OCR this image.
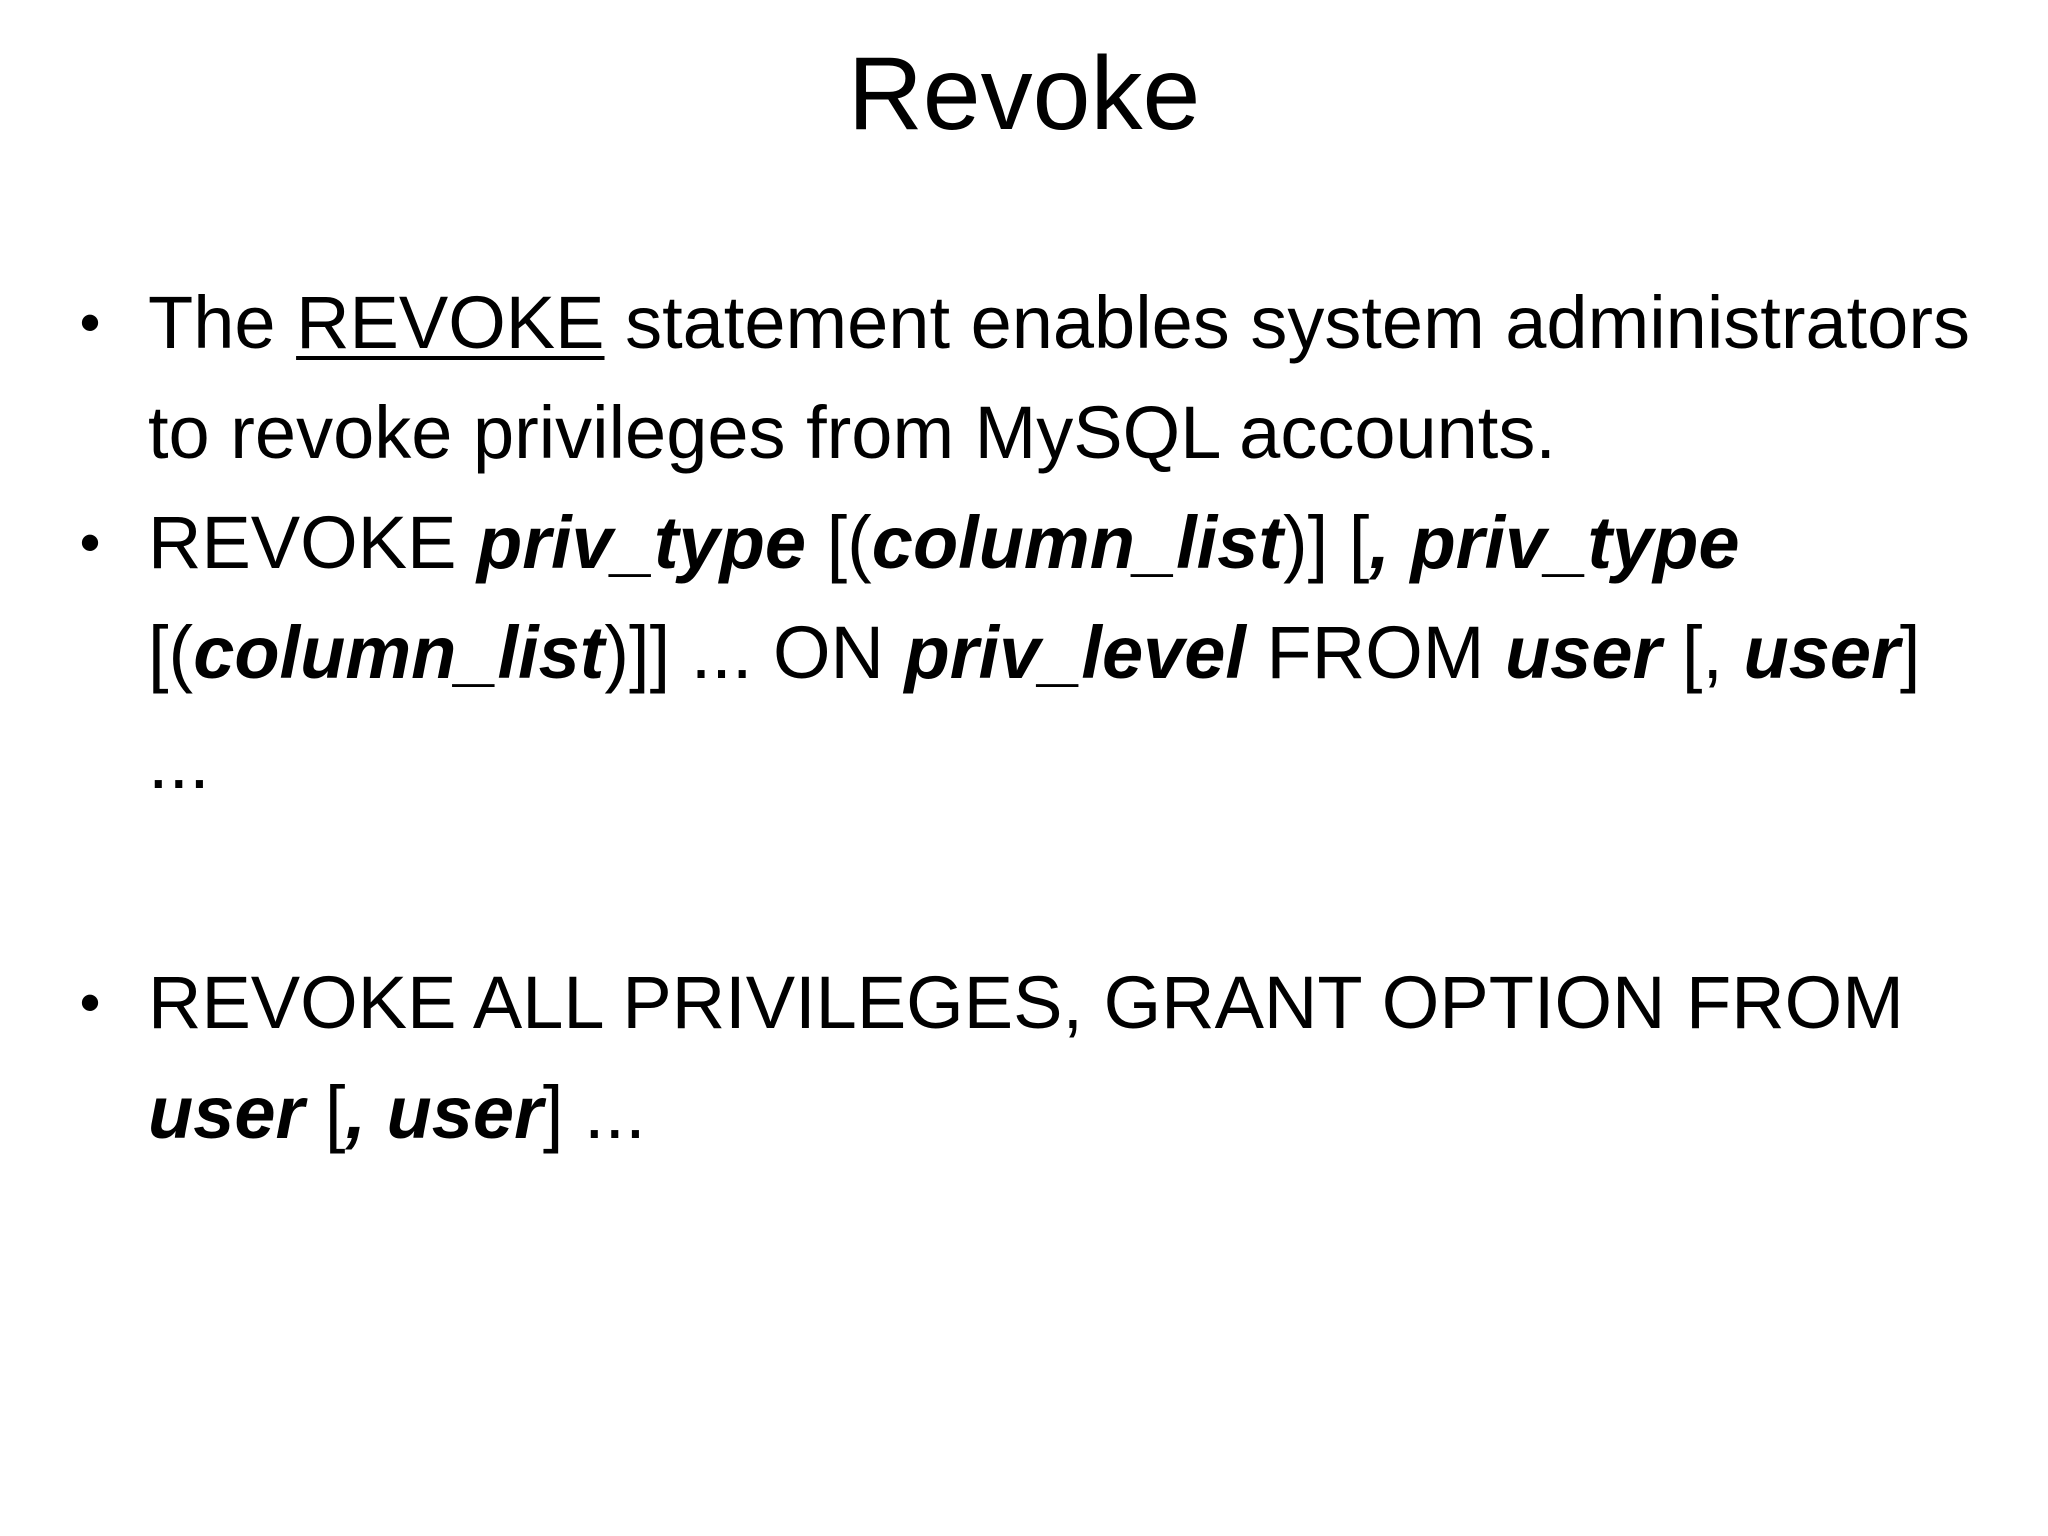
Revoke
• The REVOKE statement enables system administrators to revoke privileges from MySQL accounts.
• REVOKE priv_type [(column_list)] [, priv_type [(column_list)]] ... ON priv_level FROM user [, user] ...
• REVOKE ALL PRIVILEGES, GRANT OPTION FROM user [, user] ...
